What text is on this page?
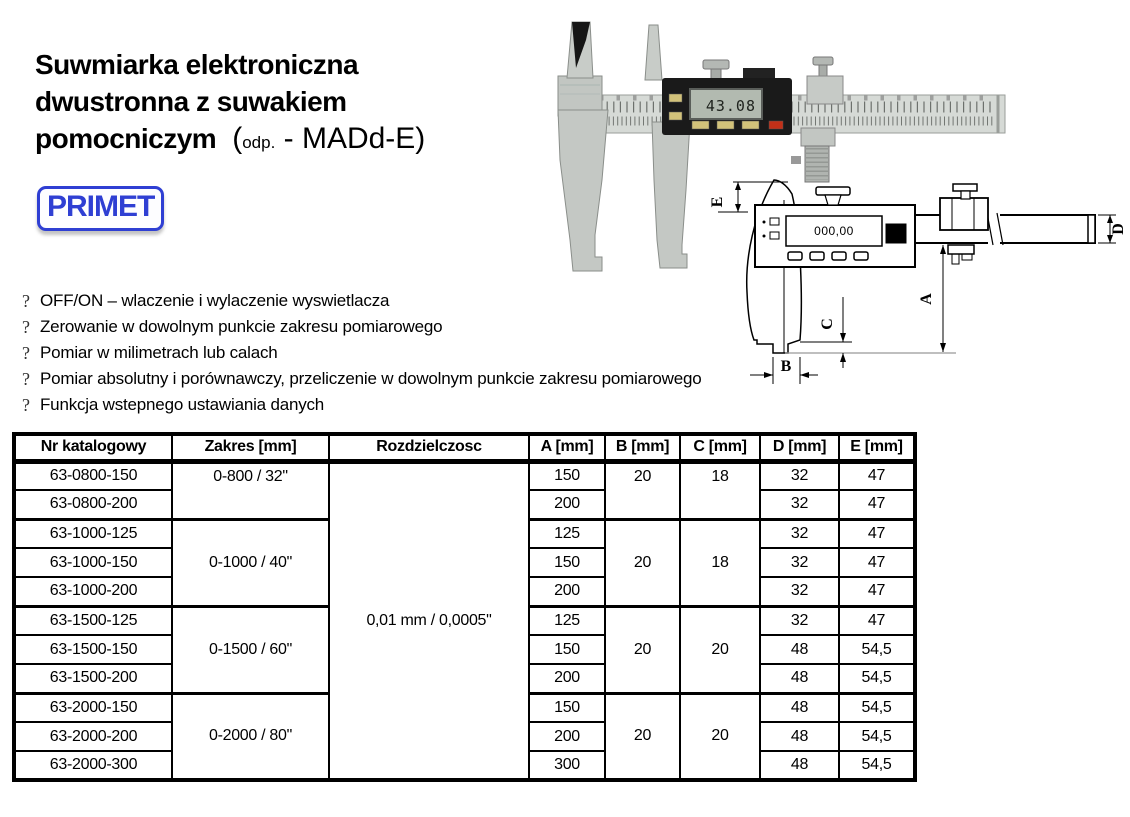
Suwmiarka elektroniczna
dwustronna z suwakiem
pomocniczym (odp. - MADd-E)
PRIMET
? OFF/ON – wlaczenie i wylaczenie wyswietlacza
? Zerowanie w dowolnym punkcie zakresu pomiarowego
? Pomiar w milimetrach lub calach
? Pomiar absolutny i porównawczy, przeliczenie w dowolnym punkcie zakresu pomiarowego
? Funkcja wstepnego ustawiania danych
43.08
000,00
E
A
C
B
D
Nr katalogowy	Zakres [mm]	Rozdzielczosc	A [mm]	B [mm]	C [mm]	D [mm]	E [mm]
63-0800-150	0-800 / 32"	0,01 mm / 0,0005"	150	20	18	32	47
63-0800-200			200			32	47
63-1000-125	0-1000 / 40"		125	20	18	32	47
63-1000-150			150			32	47
63-1000-200			200			32	47
63-1500-125	0-1500 / 60"		125	20	20	32	47
63-1500-150			150			48	54,5
63-1500-200			200			48	54,5
63-2000-150	0-2000 / 80"		150	20	20	48	54,5
63-2000-200			200			48	54,5
63-2000-300			300			48	54,5
